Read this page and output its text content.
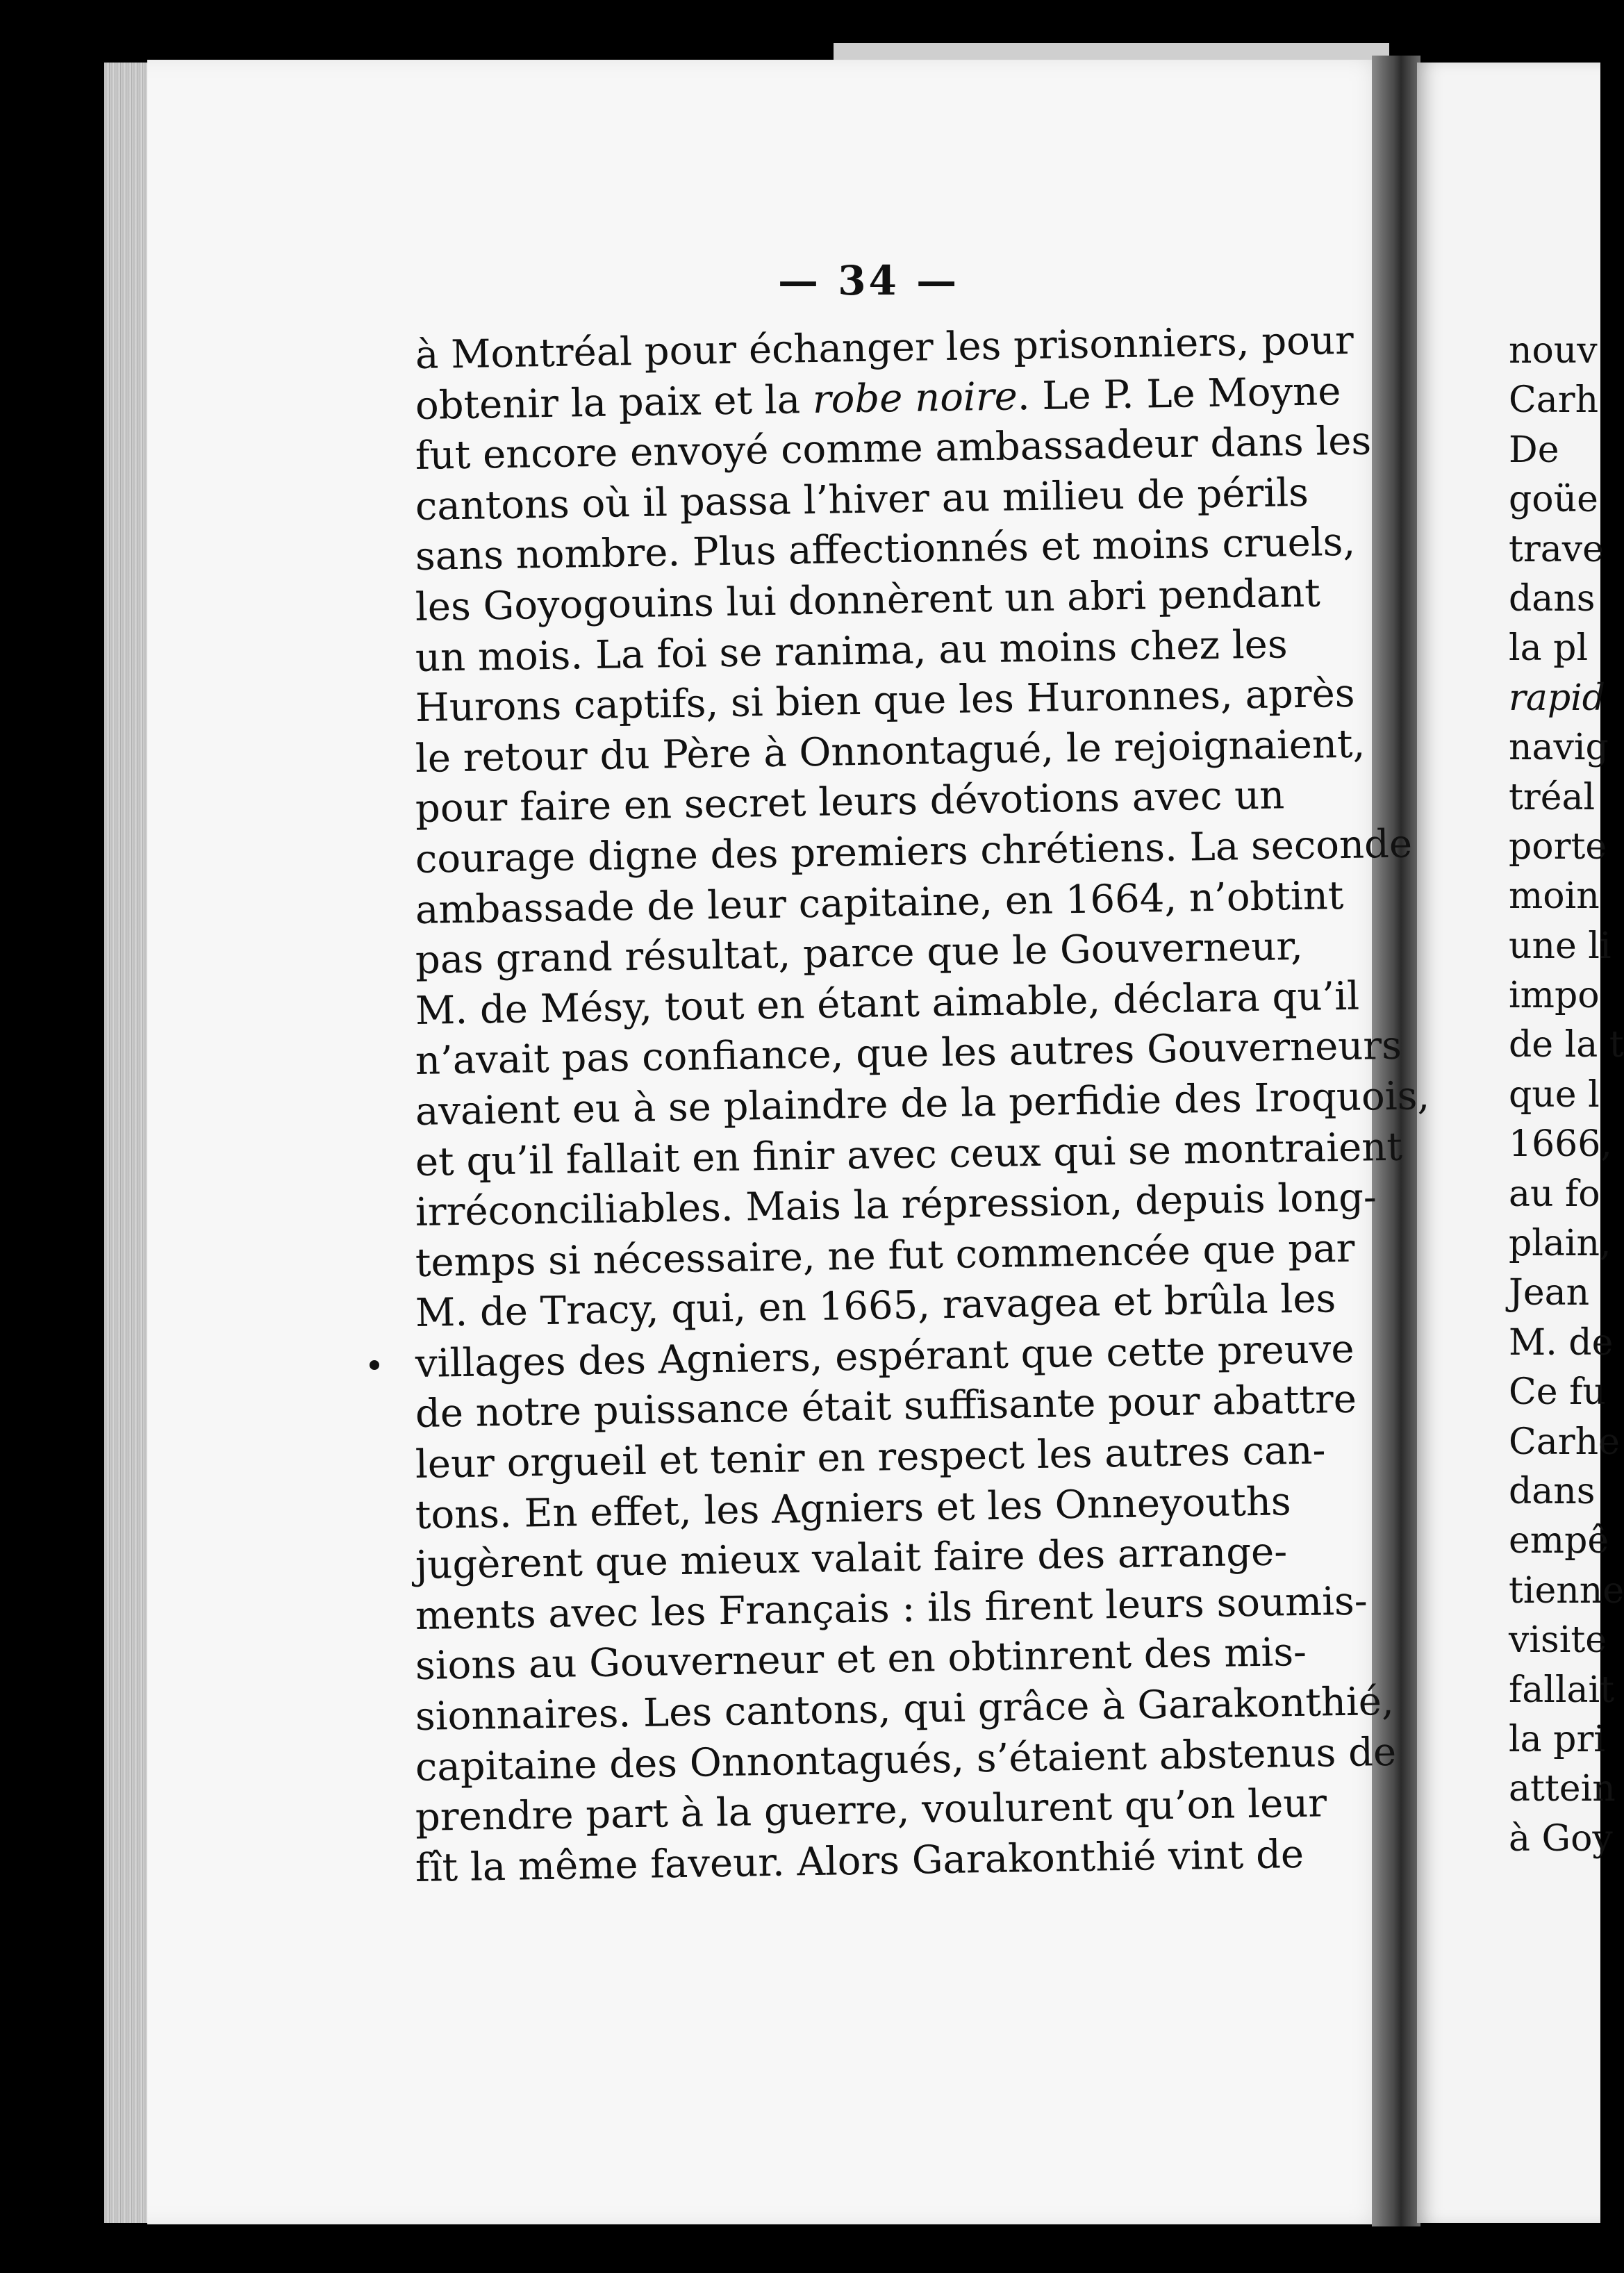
— 34 —
à Montréal pour échanger les prisonniers, pour
obtenir la paix et la robe noire. Le P. Le Moyne
fut encore envoyé comme ambassadeur dans les
cantons où il passa l’hiver au milieu de périls
sans nombre. Plus affectionnés et moins cruels,
les Goyogouins lui donnèrent un abri pendant
un mois. La foi se ranima, au moins chez les
Hurons captifs, si bien que les Huronnes, après
le retour du Père à Onnontagué, le rejoignaient,
pour faire en secret leurs dévotions avec un
courage digne des premiers chrétiens. La seconde
ambassade de leur capitaine, en 1664, n’obtint
pas grand résultat, parce que le Gouverneur,
M. de Mésy, tout en étant aimable, déclara qu’il
n’avait pas confiance, que les autres Gouverneurs
avaient eu à se plaindre de la perfidie des Iroquois,
et qu’il fallait en finir avec ceux qui se montraient
irréconciliables. Mais la répression, depuis long-
temps si nécessaire, ne fut commencée que par
M. de Tracy, qui, en 1665, ravagea et brûla les
villages des Agniers, espérant que cette preuve
de notre puissance était suffisante pour abattre
leur orgueil et tenir en respect les autres can-
tons. En effet, les Agniers et les Onneyouths
jugèrent que mieux valait faire des arrange-
ments avec les Français : ils firent leurs soumis-
sions au Gouverneur et en obtinrent des mis-
sionnaires. Les cantons, qui grâce à Garakonthié,
capitaine des Onnontagués, s’étaient abstenus de
prendre part à la guerre, voulurent qu’on leur
fît la même faveur. Alors Garakonthié vint de
nouv
Carh
De
goüe
trave
dans
la pl
rapid
navig
tréal
porte
moin
une li
impo
de la t
que l
1666,
au fo
plain,
Jean
M. de
Ce fu
Carhe
dans
empê
tienne
visite
fallait
la pri
attein
à Goy
